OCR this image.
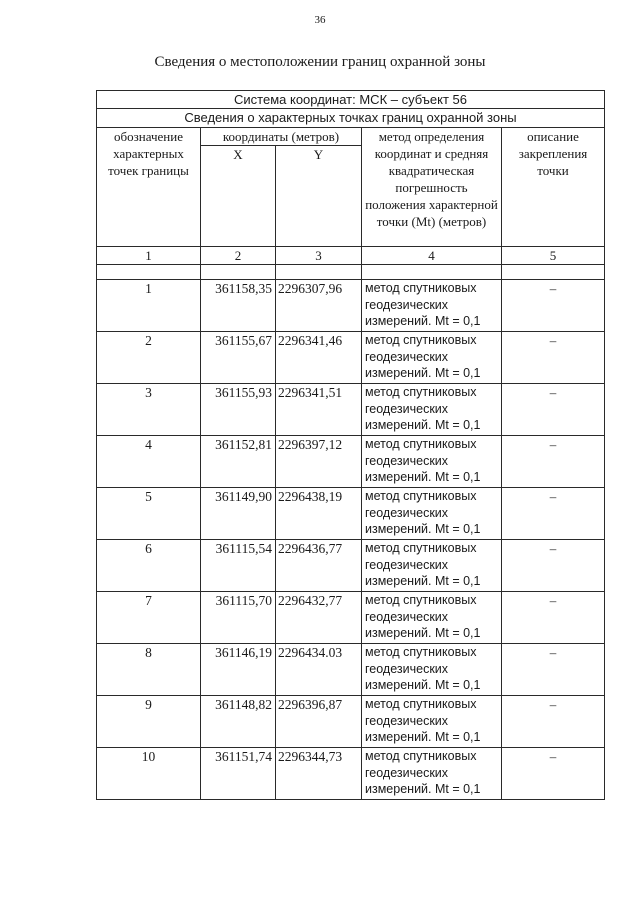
36
Сведения о местоположении границ охранной зоны
Система координат: МСК – субъект 56				
Сведения о характерных точках границ охранной зоны				
обозначение характерных точек границы	координаты (метров)		метод определения координат и средняя квадратическая погрешность положения характерной точки (Mt) (метров)	описание закрепления точки
	X	Y		
1	2	3	4	5

1	361158,35	2296307,96	метод спутниковых геодезических измерений. Mt = 0,1	–
2	361155,67	2296341,46	метод спутниковых геодезических измерений. Mt = 0,1	–
3	361155,93	2296341,51	метод спутниковых геодезических измерений. Mt = 0,1	–
4	361152,81	2296397,12	метод спутниковых геодезических измерений. Mt = 0,1	–
5	361149,90	2296438,19	метод спутниковых геодезических измерений. Mt = 0,1	–
6	361115,54	2296436,77	метод спутниковых геодезических измерений. Mt = 0,1	–
7	361115,70	2296432,77	метод спутниковых геодезических измерений. Mt = 0,1	–
8	361146,19	2296434.03	метод спутниковых геодезических измерений. Mt = 0,1	–
9	361148,82	2296396,87	метод спутниковых геодезических измерений. Mt = 0,1	–
10	361151,74	2296344,73	метод спутниковых геодезических измерений. Mt = 0,1	–
